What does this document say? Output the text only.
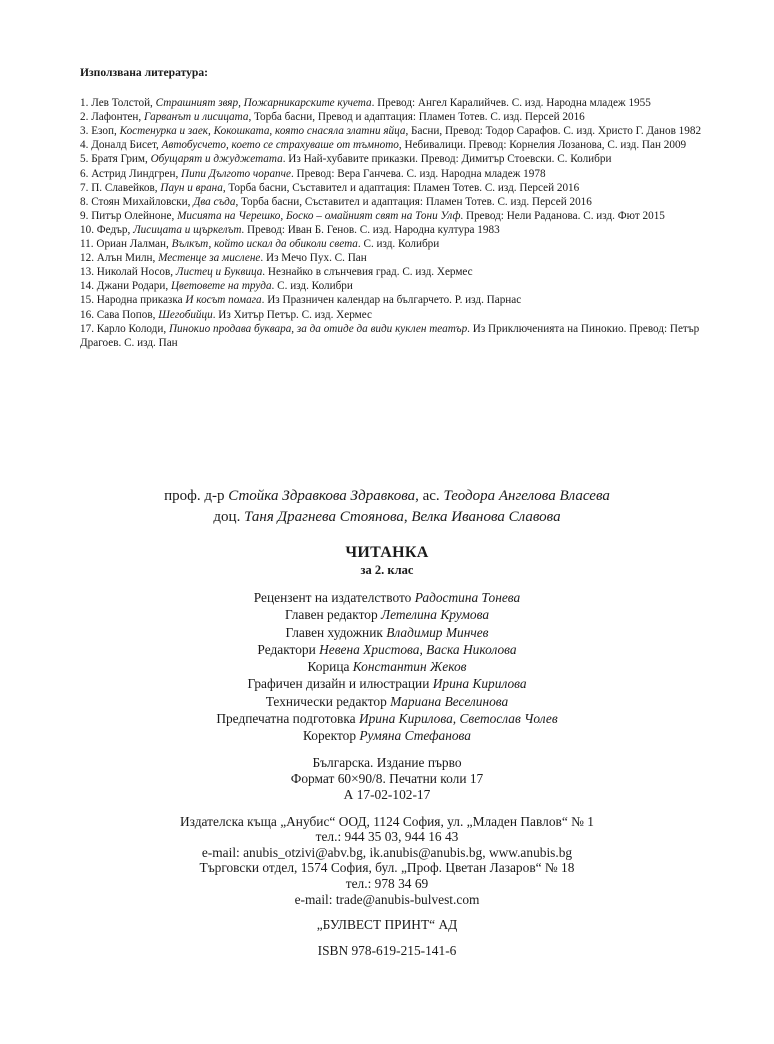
Използвана литература:
1. Лев Толстой, Страшният звяр, Пожарникарските кучета. Превод: Ангел Каралийчев. С. изд. Народна младеж 1955
2. Лафонтен, Гарванът и лисицата, Торба басни, Превод и адаптация: Пламен Тотев. С. изд. Персей 2016
3. Езоп, Костенурка и заек, Кокошката, която снасяла златни яйца, Басни, Превод: Тодор Сарафов. С. изд. Христо Г. Данов 1982
4. Доналд Бисет, Автобусчето, което се страхуваше от тъмното, Небивалици. Превод: Корнелия Лозанова, С. изд. Пан 2009
5. Братя Грим, Обущарят и джуджетата. Из Най-хубавите приказки. Превод: Димитър Стоевски. С. Колибри
6. Астрид Линдгрен, Пипи Дългото чорапче. Превод: Вера Ганчева. С. изд. Народна младеж 1978
7. П. Славейков, Паун и врана, Торба басни, Съставител и адаптация: Пламен Тотев. С. изд. Персей 2016
8. Стоян Михайловски, Два съда, Торба басни, Съставител и адаптация: Пламен Тотев. С. изд. Персей 2016
9. Питър Олейноне, Мисията на Черешко, Боско – омайният свят на Тони Улф. Превод: Нели Раданова. С. изд. Фют 2015
10. Федър, Лисицата и щъркелът. Превод: Иван Б. Генов. С. изд. Народна култура 1983
11. Ориан Лалман, Вълкът, който искал да обиколи света. С. изд. Колибри
12. Алън Милн, Местенце за мислене. Из Мечо Пух. С. Пан
13. Николай Носов, Листец и Буквица. Незнайко в слънчевия град. С. изд. Хермес
14. Джани Родари, Цветовете на труда. С. изд. Колибри
15. Народна приказка И косът помага. Из Празничен календар на българчето. Р. изд. Парнас
16. Сава Попов, Шегобийци. Из Хитър Петър. С. изд. Хермес
17. Карло Колоди, Пинокио продава буквара, за да отиде да види куклен театър. Из Приключенията на Пинокио. Превод: Петър Драгоев. С. изд. Пан
проф. д-р Стойка Здравкова Здравкова, ас. Теодора Ангелова Власева
доц. Таня Драгнева Стоянова, Велка Иванова Славова
ЧИТАНКА
за 2. клас
Рецензент на издателството Радостина Тонева
Главен редактор Летелина Крумова
Главен художник Владимир Минчев
Редактори Невена Христова, Васка Николова
Корица Константин Жеков
Графичен дизайн и илюстрации Ирина Кирилова
Технически редактор Мариана Веселинова
Предпечатна подготовка Ирина Кирилова, Светослав Чолев
Коректор Румяна Стефанова
Българска. Издание първо
Формат 60×90/8. Печатни коли 17
А 17-02-102-17
Издателска къща „Анубис“ ООД, 1124 София, ул. „Младен Павлов“ № 1
тел.: 944 35 03, 944 16 43
e-mail: anubis_otzivi@abv.bg, ik.anubis@anubis.bg, www.anubis.bg
Търговски отдел, 1574 София, бул. „Проф. Цветан Лазаров“ № 18
тел.: 978 34 69
e-mail: trade@anubis-bulvest.com
„БУЛВЕСТ ПРИНТ“ АД
ISBN 978-619-215-141-6
